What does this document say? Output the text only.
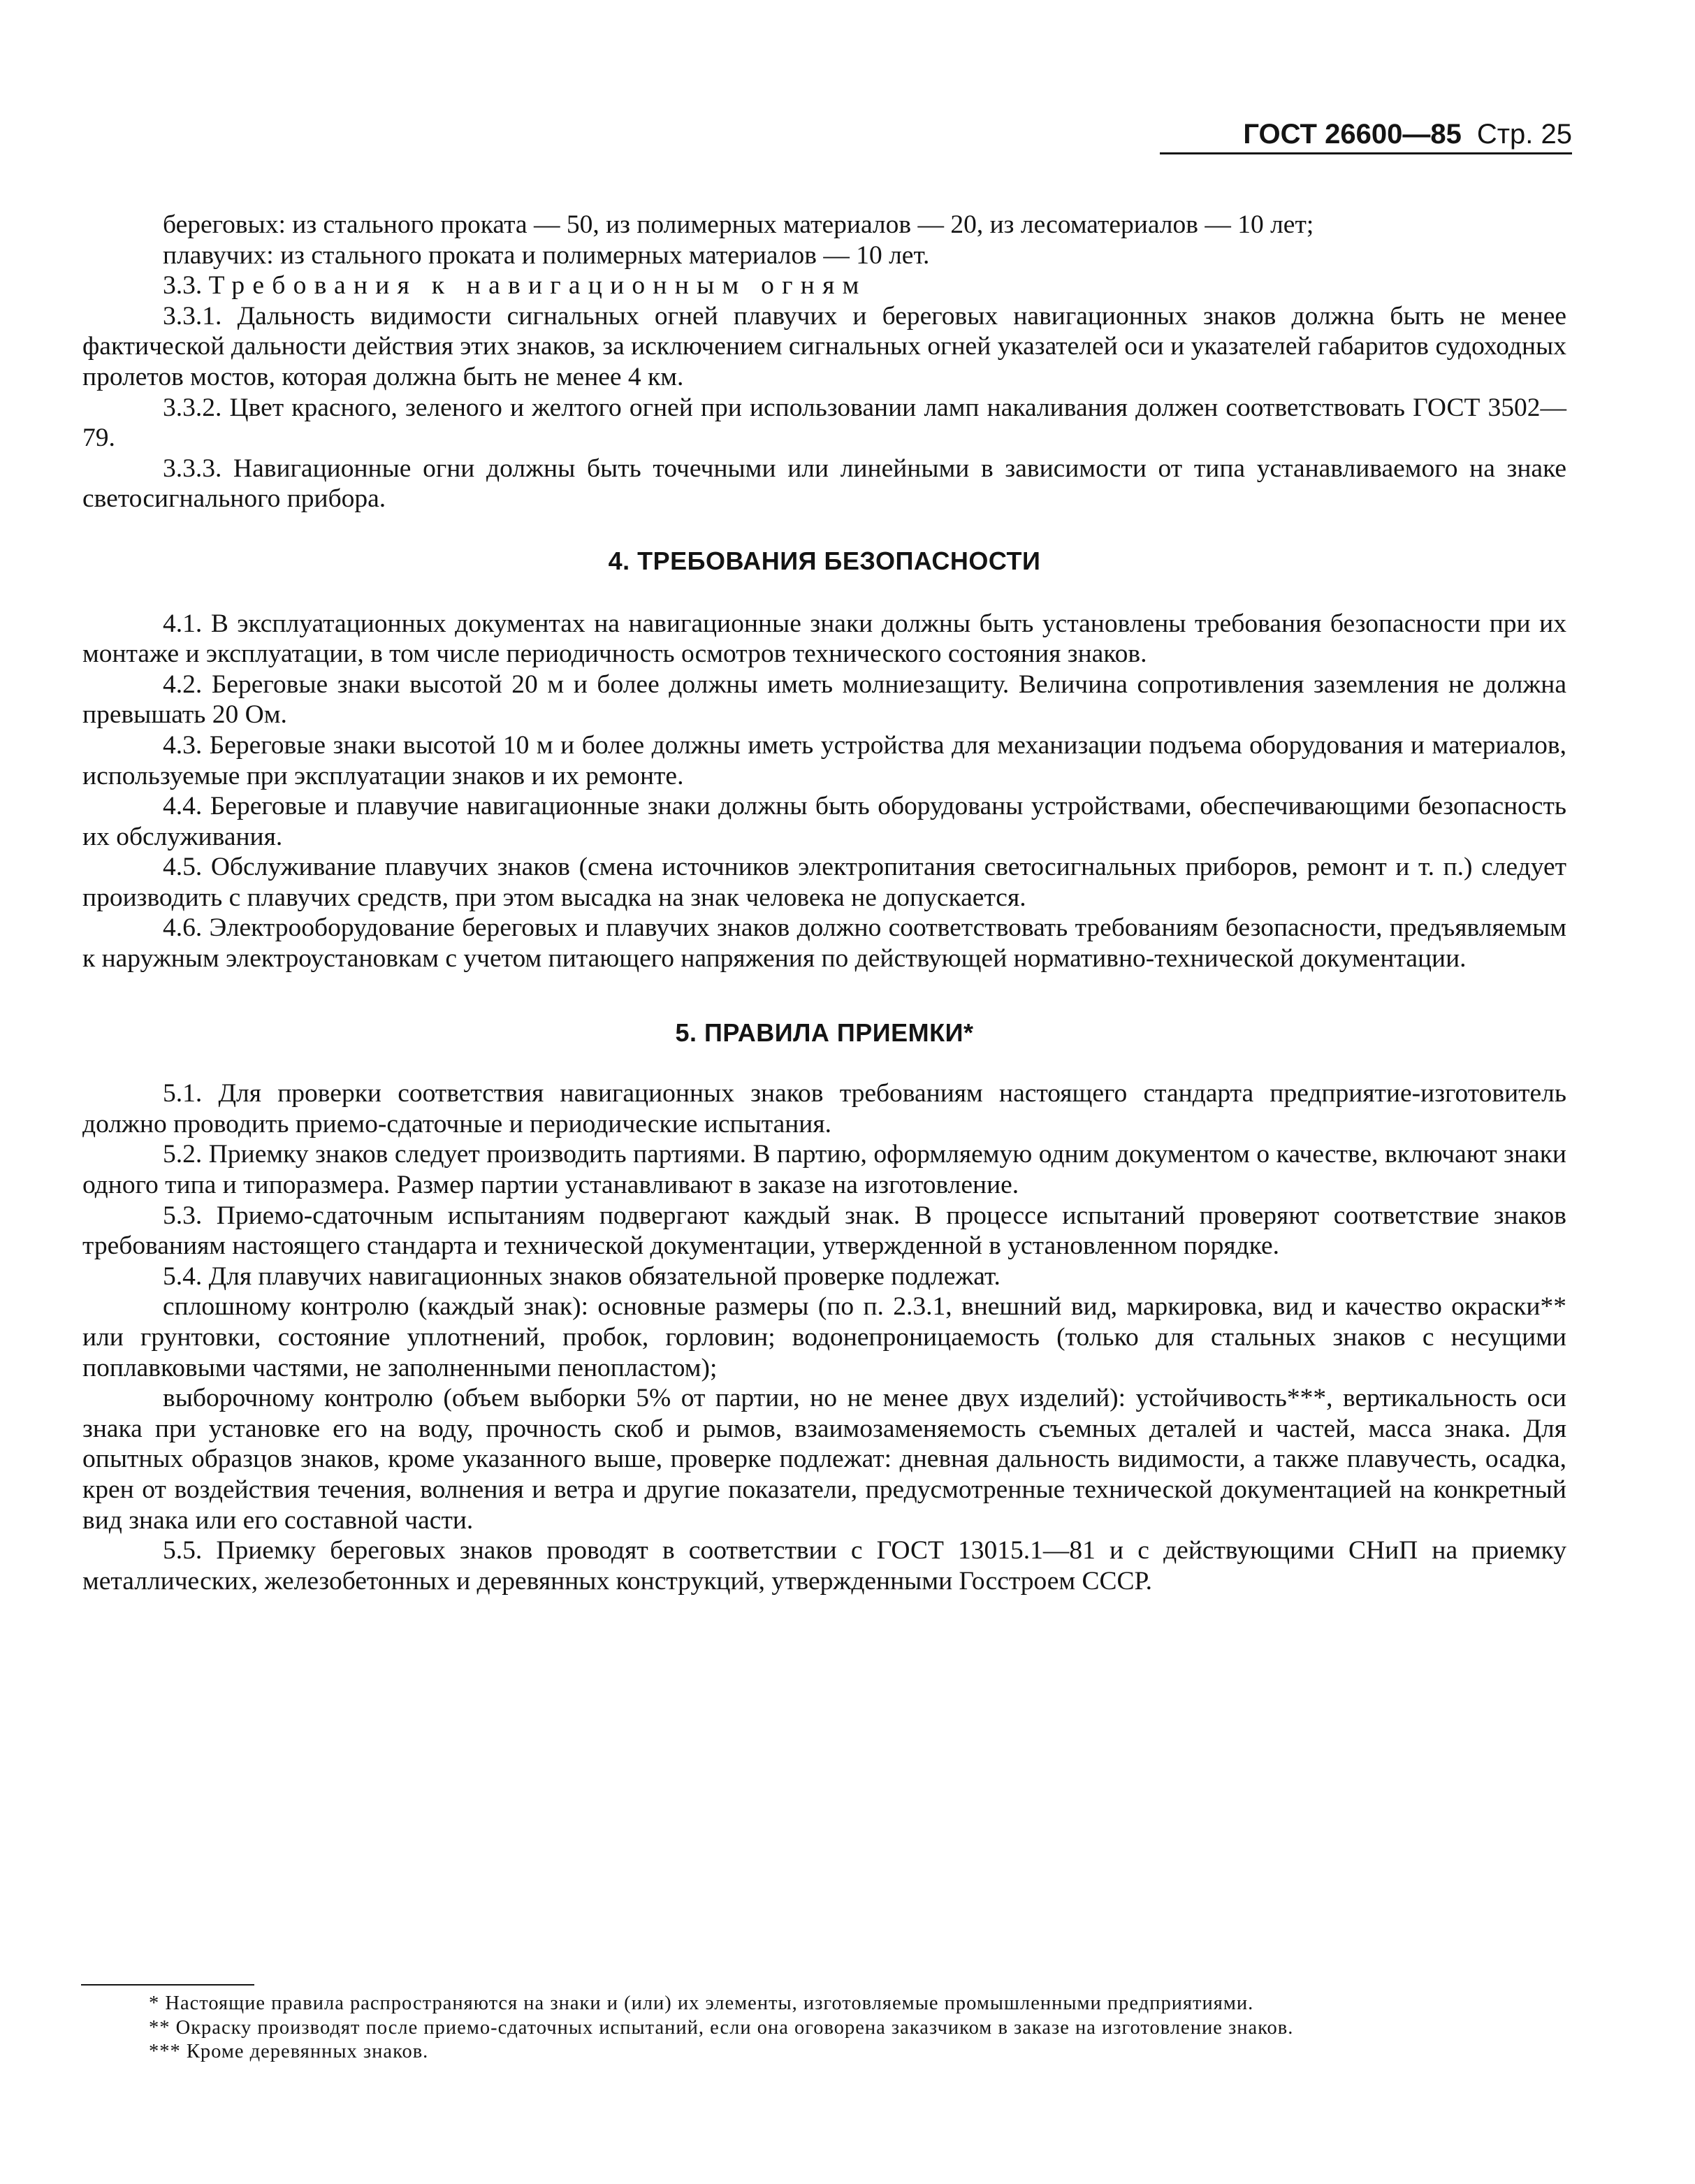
ГОСТ 26600—85 Стр. 25

береговых: из стального проката — 50, из полимерных материалов — 20, из лесоматериалов — 10 лет;

плавучих: из стального проката и полимерных материалов — 10 лет.

3.3. Требования к навигационным огням

3.3.1. Дальность видимости сигнальных огней плавучих и береговых навигационных знаков должна быть не менее фактической дальности действия этих знаков, за исключением сигнальных огней указателей оси и указателей габаритов судоходных пролетов мостов, которая должна быть не менее 4 км.

3.3.2. Цвет красного, зеленого и желтого огней при использовании ламп накаливания должен соответствовать ГОСТ 3502—79.

3.3.3. Навигационные огни должны быть точечными или линейными в зависимости от типа устанавливаемого на знаке светосигнального прибора.

4. ТРЕБОВАНИЯ БЕЗОПАСНОСТИ

4.1. В эксплуатационных документах на навигационные знаки должны быть установлены требования безопасности при их монтаже и эксплуатации, в том числе периодичность осмотров технического состояния знаков.

4.2. Береговые знаки высотой 20 м и более должны иметь молниезащиту. Величина сопротивления заземления не должна превышать 20 Ом.

4.3. Береговые знаки высотой 10 м и более должны иметь устройства для механизации подъема оборудования и материалов, используемые при эксплуатации знаков и их ремонте.

4.4. Береговые и плавучие навигационные знаки должны быть оборудованы устройствами, обеспечивающими безопасность их обслуживания.

4.5. Обслуживание плавучих знаков (смена источников электропитания светосигнальных приборов, ремонт и т. п.) следует производить с плавучих средств, при этом высадка на знак человека не допускается.

4.6. Электрооборудование береговых и плавучих знаков должно соответствовать требованиям безопасности, предъявляемым к наружным электроустановкам с учетом питающего напряжения по действующей нормативно-технической документации.

5. ПРАВИЛА ПРИЕМКИ*

5.1. Для проверки соответствия навигационных знаков требованиям настоящего стандарта предприятие-изготовитель должно проводить приемо-сдаточные и периодические испытания.

5.2. Приемку знаков следует производить партиями. В партию, оформляемую одним документом о качестве, включают знаки одного типа и типоразмера. Размер партии устанавливают в заказе на изготовление.

5.3. Приемо-сдаточным испытаниям подвергают каждый знак. В процессе испытаний проверяют соответствие знаков требованиям настоящего стандарта и технической документации, утвержденной в установленном порядке.

5.4. Для плавучих навигационных знаков обязательной проверке подлежат.

сплошному контролю (каждый знак): основные размеры (по п. 2.3.1, внешний вид, маркировка, вид и качество окраски** или грунтовки, состояние уплотнений, пробок, горловин; водонепроницаемость (только для стальных знаков с несущими поплавковыми частями, не заполненными пенопластом);

выборочному контролю (объем выборки 5% от партии, но не менее двух изделий): устойчивость***, вертикальность оси знака при установке его на воду, прочность скоб и рымов, взаимозаменяемость съемных деталей и частей, масса знака. Для опытных образцов знаков, кроме указанного выше, проверке подлежат: дневная дальность видимости, а также плавучесть, осадка, крен от воздействия течения, волнения и ветра и другие показатели, предусмотренные технической документацией на конкретный вид знака или его составной части.

5.5. Приемку береговых знаков проводят в соответствии с ГОСТ 13015.1—81 и с действующими СНиП на приемку металлических, железобетонных и деревянных конструкций, утвержденными Госстроем СССР.

* Настоящие правила распространяются на знаки и (или) их элементы, изготовляемые промышленными предприятиями.

** Окраску производят после приемо-сдаточных испытаний, если она оговорена заказчиком в заказе на изготовление знаков.

*** Кроме деревянных знаков.
